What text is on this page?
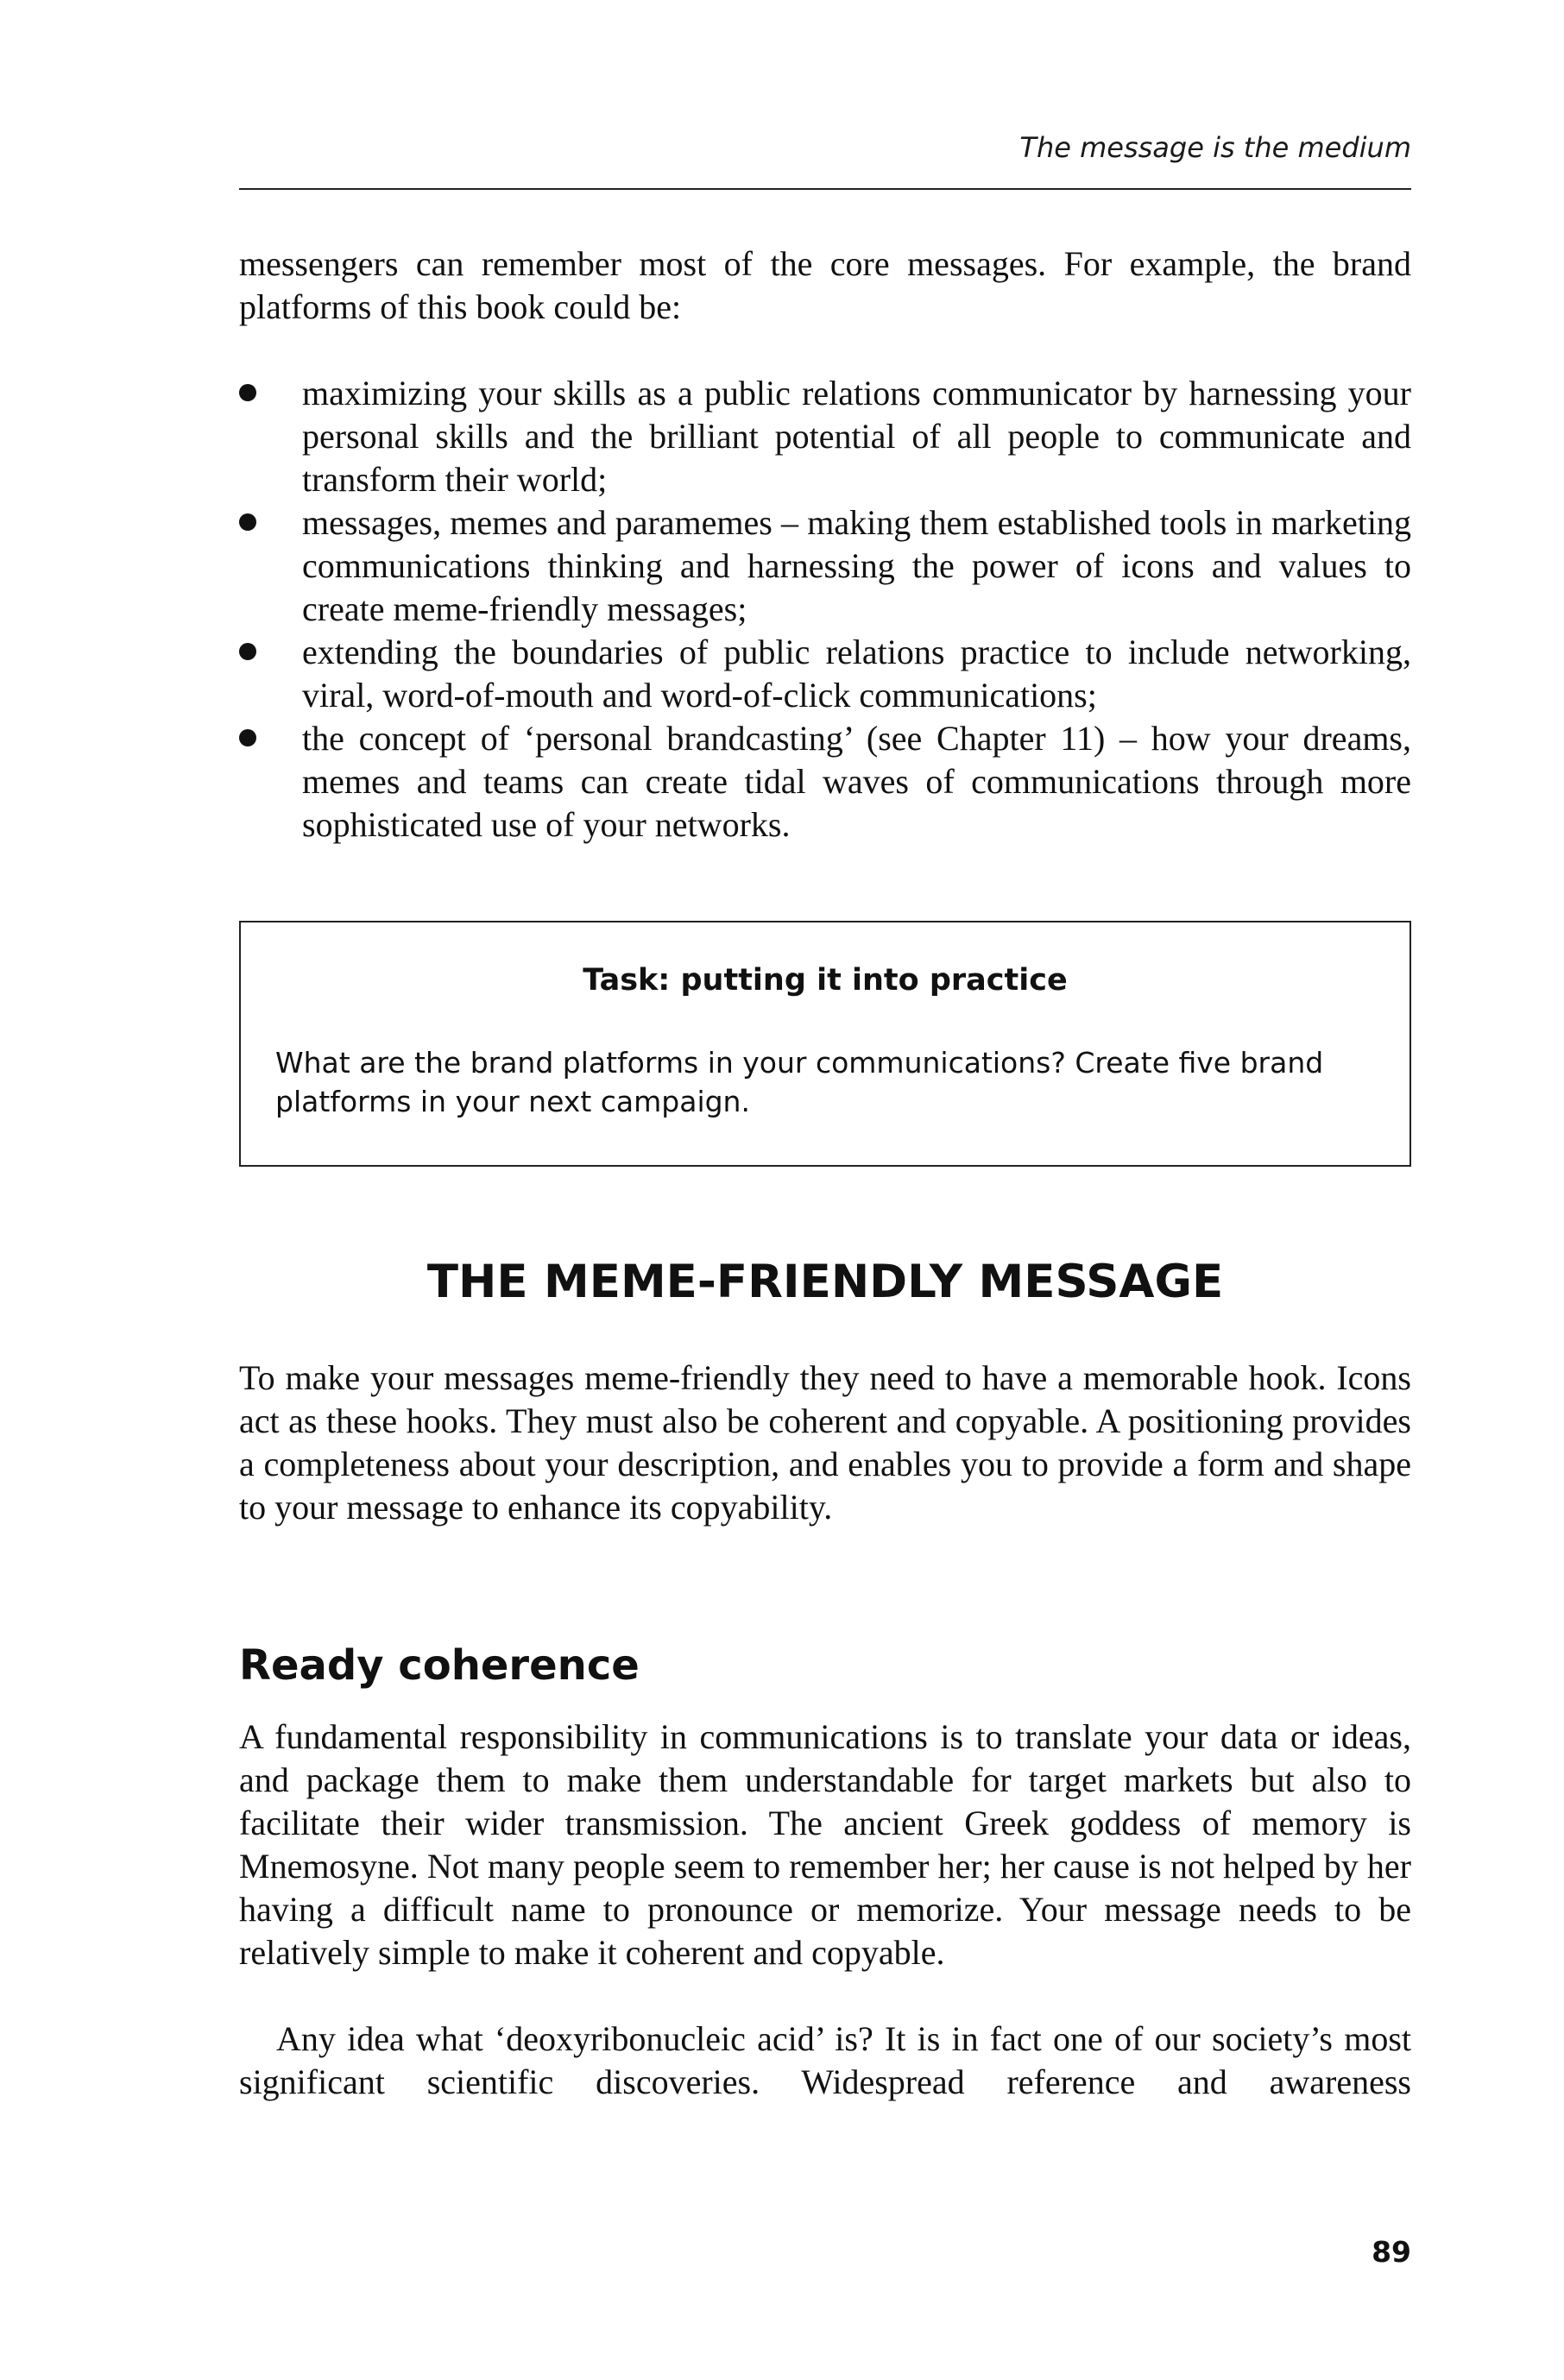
The message is the medium

messengers can remember most of the core messages. For example, the brand platforms of this book could be:

maximizing your skills as a public relations communicator by harnessing your personal skills and the brilliant potential of all people to communicate and transform their world;
messages, memes and paramemes – making them established tools in marketing communications thinking and harnessing the power of icons and values to create meme-friendly messages;
extending the boundaries of public relations practice to include networking, viral, word-of-mouth and word-of-click communications;
the concept of ‘personal brandcasting’ (see Chapter 11) – how your dreams, memes and teams can create tidal waves of communications through more sophisticated use of your networks.
Task: putting it into practice

What are the brand platforms in your communications? Create five brand platforms in your next campaign.

THE MEME-FRIENDLY MESSAGE

To make your messages meme-friendly they need to have a memorable hook. Icons act as these hooks. They must also be coherent and copyable. A positioning provides a completeness about your description, and enables you to provide a form and shape to your message to enhance its copyability.

Ready coherence

A fundamental responsibility in communications is to translate your data or ideas, and package them to make them understandable for target markets but also to facilitate their wider transmission. The ancient Greek goddess of memory is Mnemosyne. Not many people seem to remember her; her cause is not helped by her having a difficult name to pronounce or memorize. Your message needs to be relatively simple to make it coherent and copyable.

Any idea what ‘deoxyribonucleic acid’ is? It is in fact one of our society’s most significant scientific discoveries. Widespread reference and awareness

89
